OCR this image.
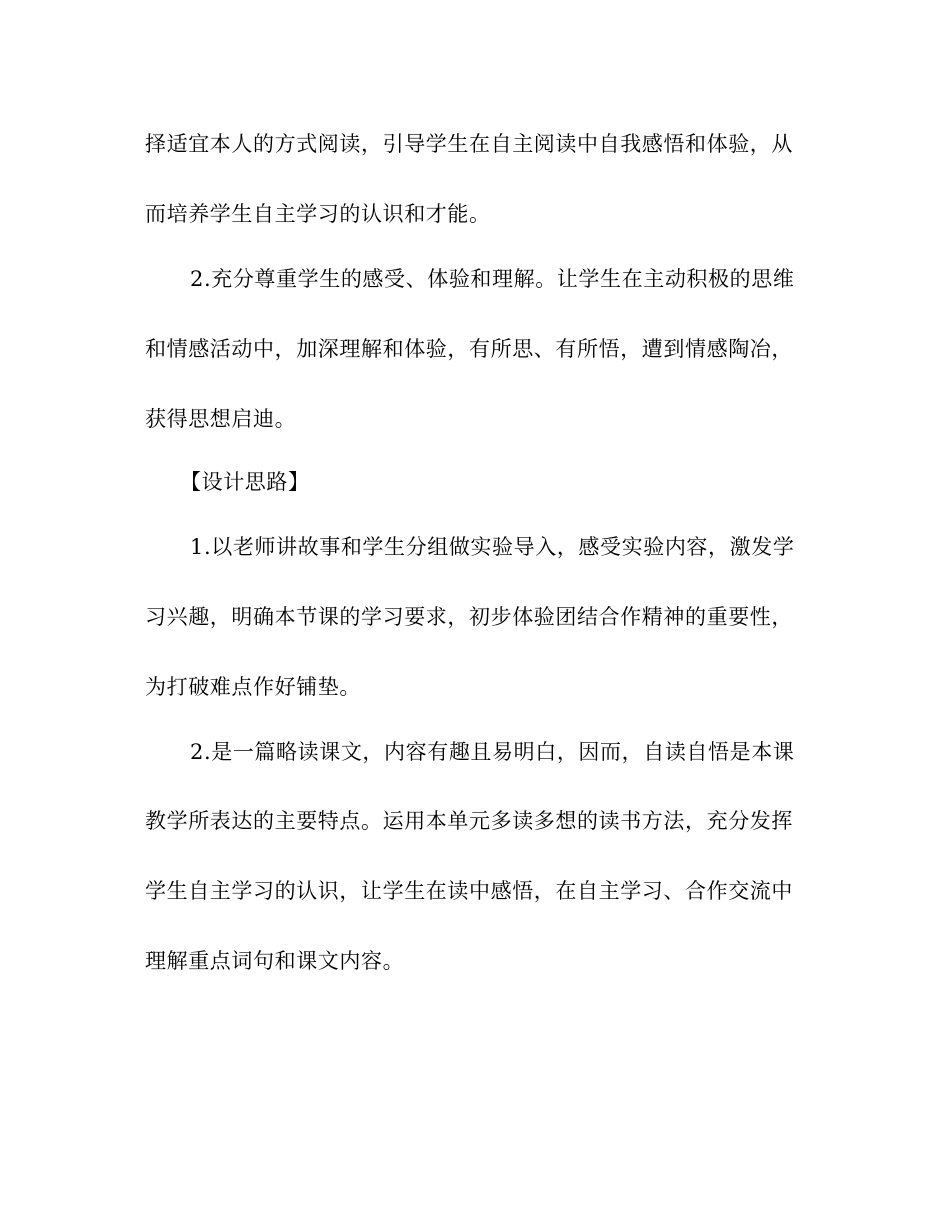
择适宜本人的方式阅读，引导学生在自主阅读中自我感悟和体验，从
而培养学生自主学习的认识和才能。
2.充分尊重学生的感受、体验和理解。让学生在主动积极的思维
和情感活动中，加深理解和体验，有所思、有所悟，遭到情感陶冶，
获得思想启迪。
【设计思路】
1.以老师讲故事和学生分组做实验导入，感受实验内容，激发学
习兴趣，明确本节课的学习要求，初步体验团结合作精神的重要性，
为打破难点作好铺垫。
2.是一篇略读课文，内容有趣且易明白，因而，自读自悟是本课
教学所表达的主要特点。运用本单元多读多想的读书方法，充分发挥
学生自主学习的认识，让学生在读中感悟，在自主学习、合作交流中
理解重点词句和课文内容。
